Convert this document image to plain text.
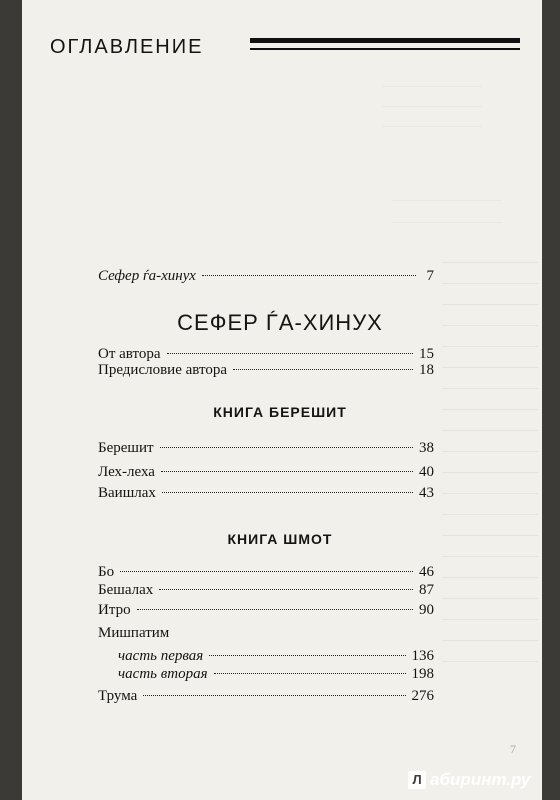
ОГЛАВЛЕНИЕ
Сефер ѓа-хинух	7
СЕФЕР ЃА-ХИНУХ
От автора	15
Предисловие автора	18
КНИГА БЕРЕШИТ
Берешит	38
Лех-леха	40
Ваишлах	43
КНИГА ШМОТ
Бо	46
Бешалах	87
Итро	90
Мишпатим
часть первая	136
часть вторая	198
Трума	276
7
Л абиринт.ру
